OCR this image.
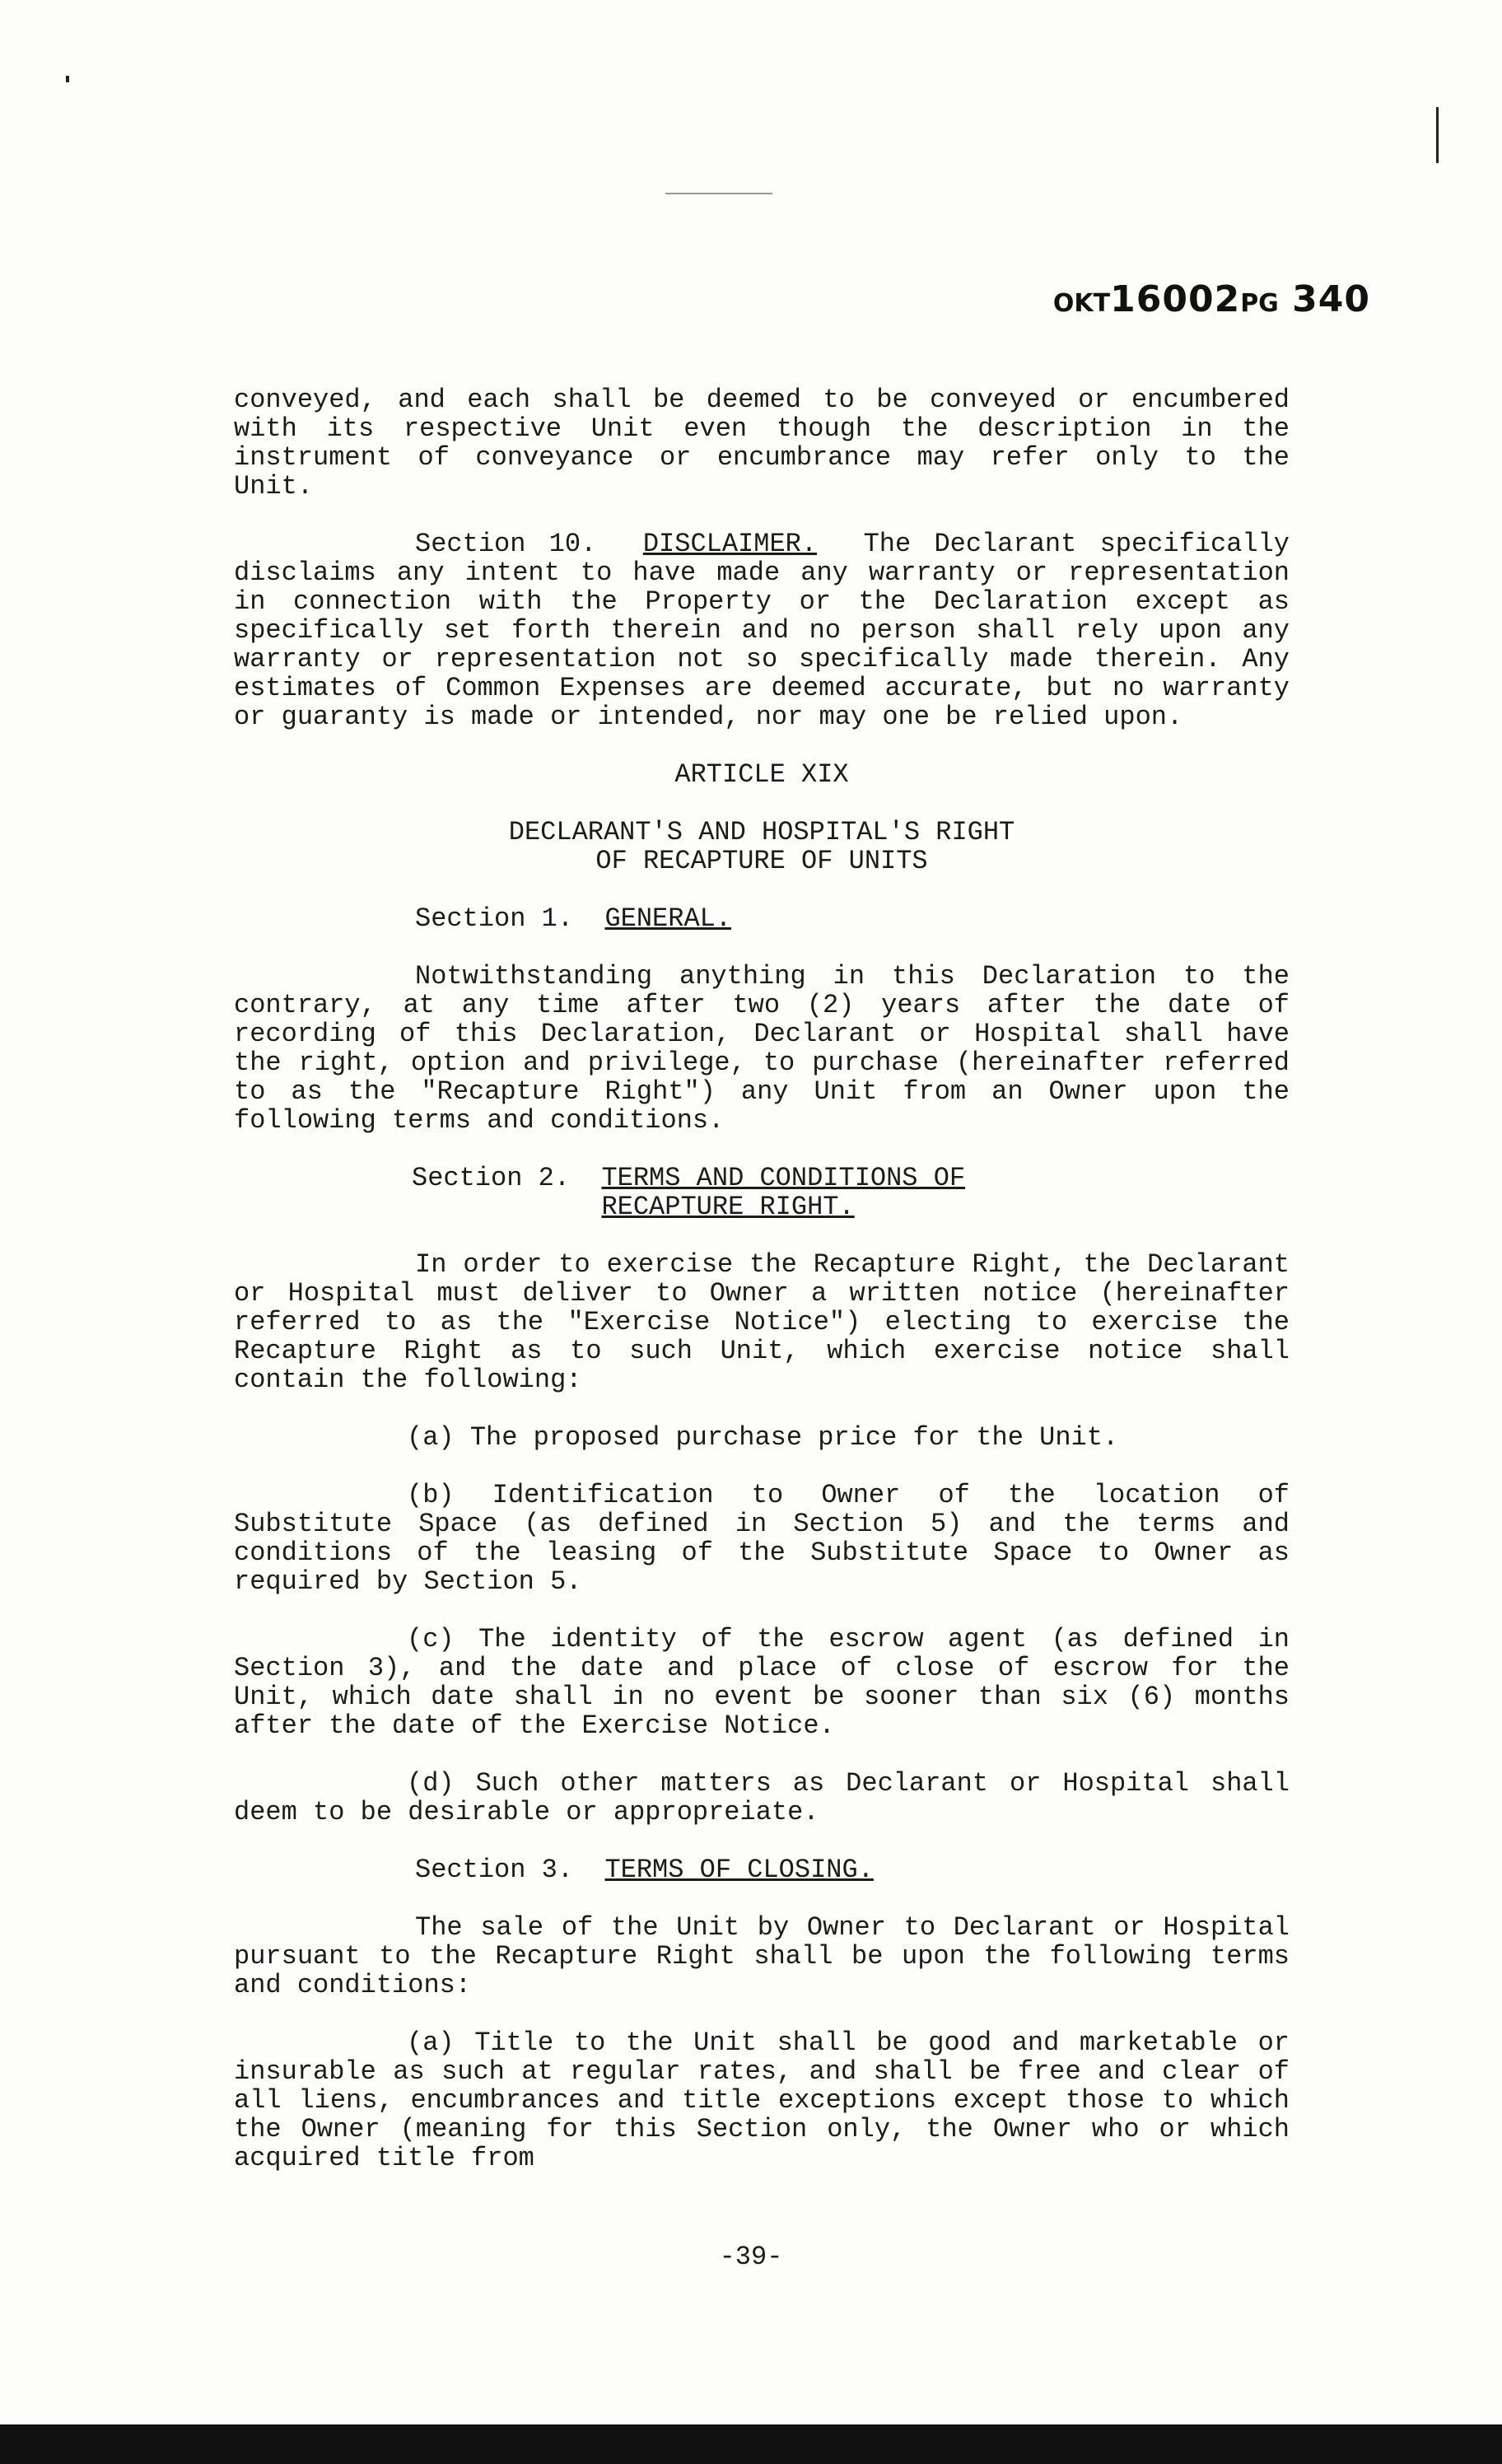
OKT16002PG 340

conveyed, and each shall be deemed to be conveyed or encumbered with its respective Unit even though the description in the instrument of conveyance or encumbrance may refer only to the Unit.

Section 10. DISCLAIMER. The Declarant specifically disclaims any intent to have made any warranty or representation in connection with the Property or the Declaration except as specifically set forth therein and no person shall rely upon any warranty or representation not so specifically made therein. Any estimates of Common Expenses are deemed accurate, but no warranty or guaranty is made or intended, nor may one be relied upon.

ARTICLE XIX

DECLARANT'S AND HOSPITAL'S RIGHT

OF RECAPTURE OF UNITS

Section 1. GENERAL.

Notwithstanding anything in this Declaration to the contrary, at any time after two (2) years after the date of recording of this Declaration, Declarant or Hospital shall have the right, option and privilege, to purchase (hereinafter referred to as the "Recapture Right") any Unit from an Owner upon the following terms and conditions.

Section 2.
TERMS AND CONDITIONS OF
RECAPTURE RIGHT.

In order to exercise the Recapture Right, the Declarant or Hospital must deliver to Owner a written notice (hereinafter referred to as the "Exercise Notice") electing to exercise the Recapture Right as to such Unit, which exercise notice shall contain the following:

(a) The proposed purchase price for the Unit.

(b) Identification to Owner of the location of Substitute Space (as defined in Section 5) and the terms and conditions of the leasing of the Substitute Space to Owner as required by Section 5.

(c) The identity of the escrow agent (as defined in Section 3), and the date and place of close of escrow for the Unit, which date shall in no event be sooner than six (6) months after the date of the Exercise Notice.

(d) Such other matters as Declarant or Hospital shall deem to be desirable or appropreiate.

Section 3. TERMS OF CLOSING.

The sale of the Unit by Owner to Declarant or Hospital pursuant to the Recapture Right shall be upon the following terms and conditions:

(a) Title to the Unit shall be good and marketable or insurable as such at regular rates, and shall be free and clear of all liens, encumbrances and title exceptions except those to which the Owner (meaning for this Section only, the Owner who or which acquired title from

-39-
